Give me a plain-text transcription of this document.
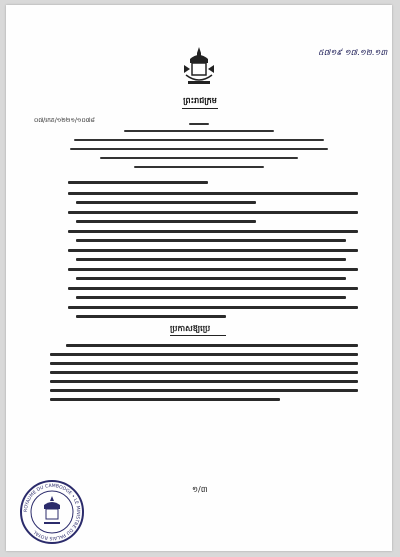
៥៧១៩ ១៧.១២.១៣
ព្រះរាជក្រម
០៧/រកត/១២២១/១០៧៨
ប្រកាសឱ្យប្រើ
១/៣
ROYAUME DU CAMBODGE • LE MINISTRE DU PALAIS ROYAL
